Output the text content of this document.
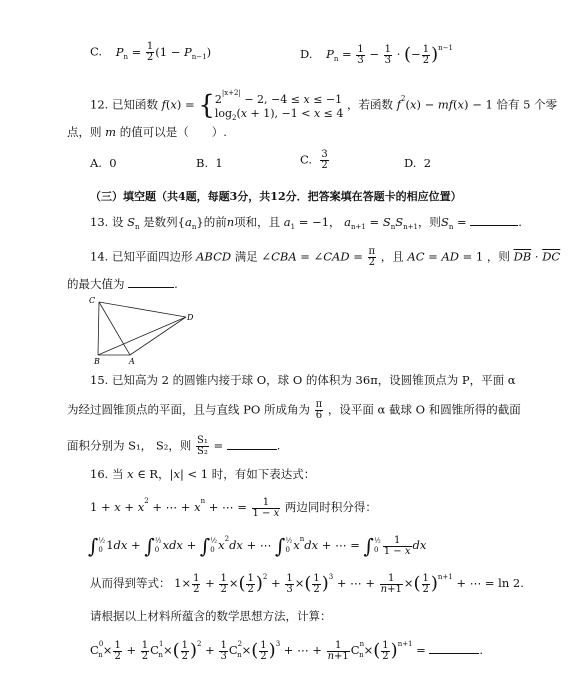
C. $P_n = \frac{1}{2} (1 - P_{n-1})$	D. $P_n = \frac{1}{3} - \frac{1}{3}$ · (− $\frac{1}{2} )^{n-1}$
12. 已知函数 f(x) = { $2^{|x+2|} - 2$, −4 ≤ x ≤ −1
$\log_2(x + 1)$, −1 < x ≤ 4
，若函数 $f^2(x) - mf(x) - 1$ 恰有 5 个零
点，则 m 的值可以是（　　）.
A. 0	B. 1	C. $\frac{3}{2}$	D. 2
（三）填空题（共4题，每题3分，共12分．把答案填在答题卡的相应位置）
13. 设 $S_n$ 是数列$\{a_n\}$的前n项和，且 $a_1 = -1$， $a_{n+1} = S_nS_{n+1}$，则$S_n$ =	.
14. 已知平面四边形 ABCD 满足 ∠CBA = ∠CAD = $\frac{\pi}{2}$ ，且 AC = AD = 1 ，则 $\overline{DB} \cdot \overline{DC}$
的最大值为	.
C
D
B	A
15. 已知高为 2 的圆锥内接于球 O，球 O 的体积为 36π，设圆锥顶点为 P，平面 α
为经过圆锥顶点的平面，且与直线 PO 所成角为 $\frac{\pi}{6}$ ，设平面 α 截球 O 和圆锥所得的截面
面积分别为 S₁， S₂，则 $\frac{\text{S₁}}{\text{S₂}}$ =	.
16. 当 x ∈ R，|x| < 1 时，有如下表达式：
$1 + x + x^2$ + ⋯ + $x^n$ + ⋯ = $\frac{1}{1 - x}$ 两边同时积分得：
∫ ½
0 1dx + ∫ ½
0 xdx + ∫ ½
0 $x^2dx$ + ⋯ ∫ ½
0 $x^ndx$ + ⋯ = ∫ ½
$0 \frac{1}{1 - x}$ dx
从而得到等式： $1\times \frac{1}{2} + \frac{1}{2}$ ×( $\frac{1}{2} )^2 + \frac{1}{3}$ ×( $\frac{1}{2} )^3$ + ⋯ + $\frac{1}{n+1}$ ×( $\frac{1}{2} )^{n+1}$ + ⋯ = ln 2.
请根据以上材料所蕴含的数学思想方法，计算：
$C^0_n\times \frac{1}{2} + \frac{1}{2} C^1_n\times( \frac{1}{2} )^2 + \frac{1}{3} C^2_n\times( \frac{1}{2} )^3$ + ⋯ + $\frac{1}{n+1} C^n_n\times( \frac{1}{2} )^{n+1}$ =	.
